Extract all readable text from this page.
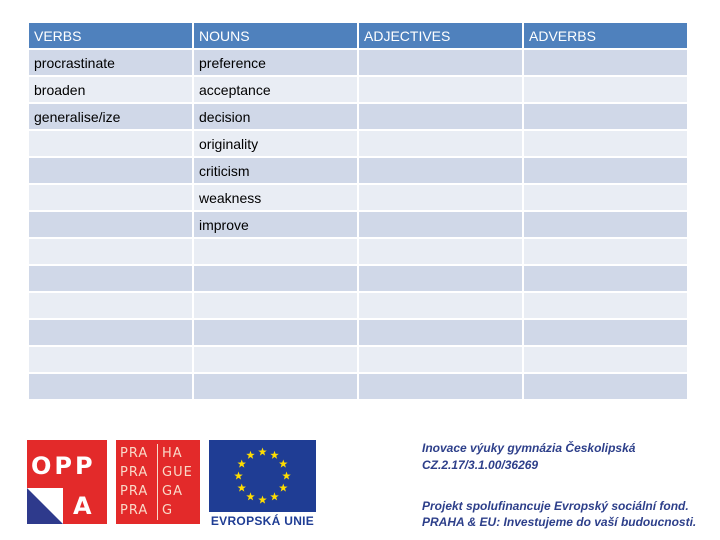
VERBS	NOUNS	ADJECTIVES	ADVERBS
procrastinate	preference		
broaden	acceptance		
generalise/ize	decision		
	originality		
	criticism		
	weakness		
	improve		

OPP
A
PRA HA
PRA GUE
PRA GA
PRA G
EVROPSKÁ UNIE
Inovace výuky gymnázia Českolipská
CZ.2.17/3.1.00/36269
Projekt spolufinancuje Evropský sociální fond.
PRAHA & EU: Investujeme do vaší budoucnosti.
